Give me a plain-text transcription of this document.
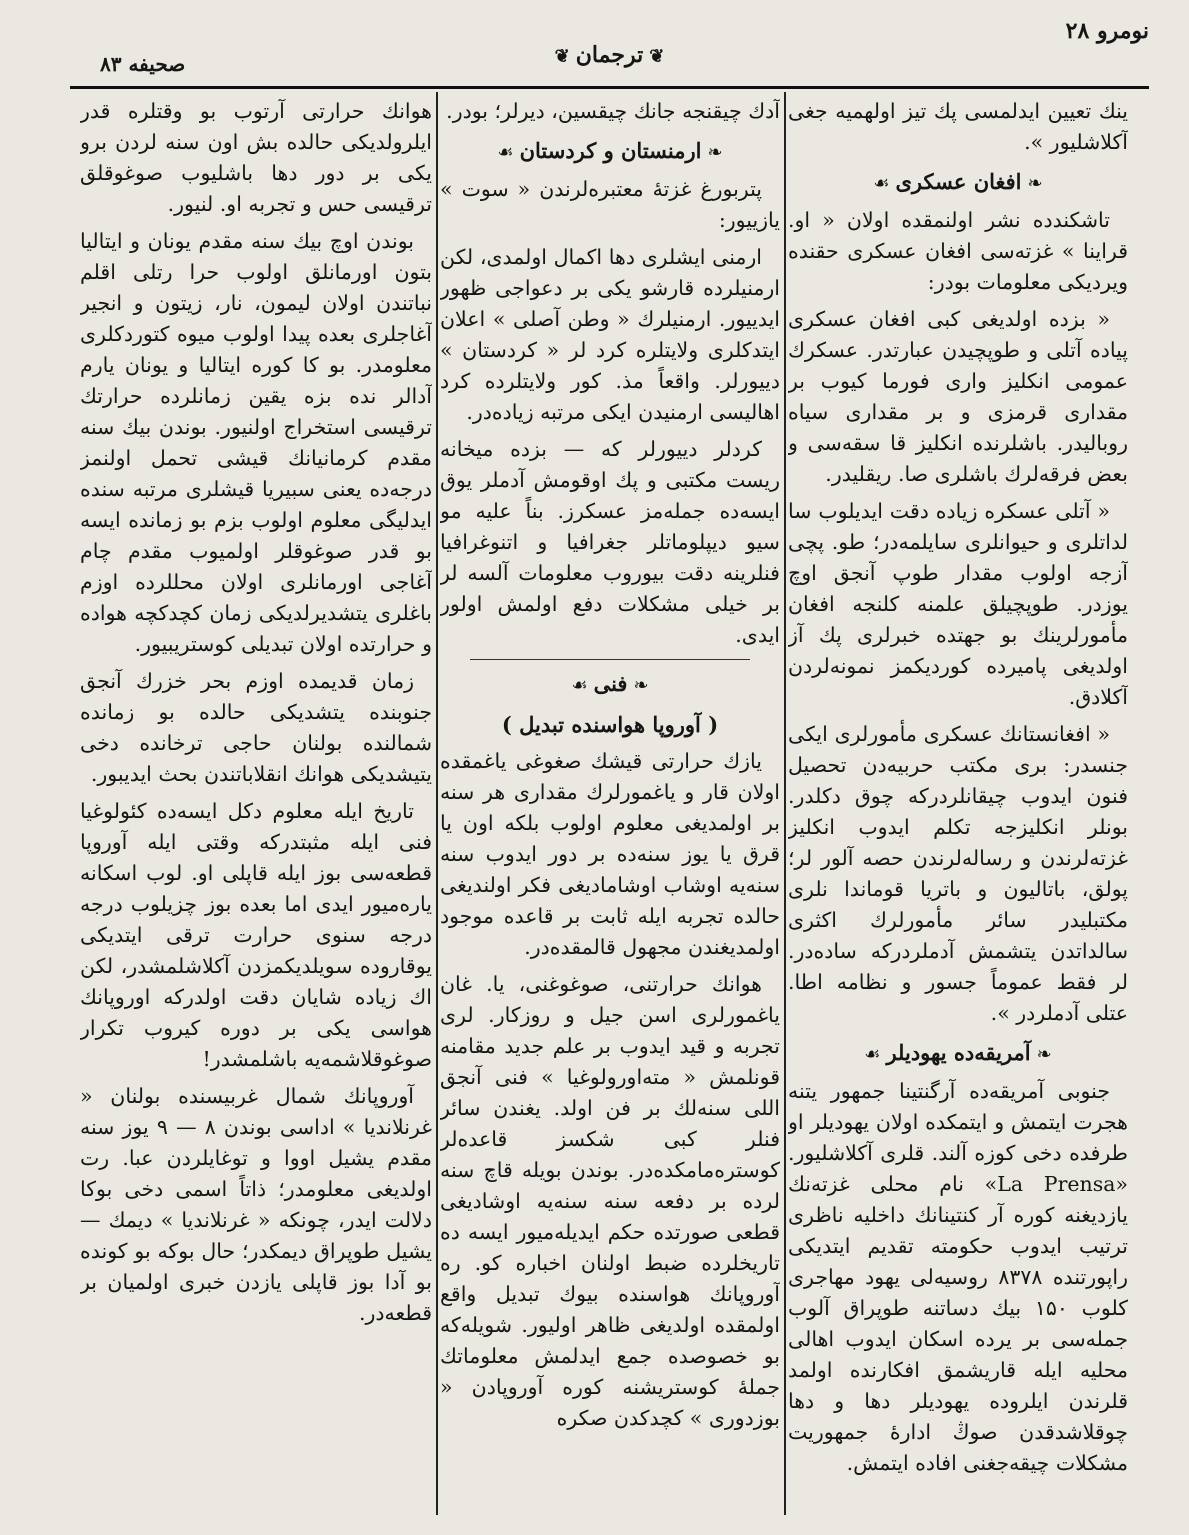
صحیفه ۸۳	❦ترجمان❦
نومرو ۲۸

ینك تعیین ایدلمسی پك تیز اولهمیه جغی آكلاشلیور ».

❧افغان عسكری☙

تاشكندده نشر اولنمقده اولان « او. قراینا » غزته‌سی افغان عسكری حقنده ویردیكی معلومات بودر:

« بزده اولدیغی كبی افغان عسكری پیاده آتلی و طوپچیدن عبارتدر. عسكرك عمومی انكلیز واری فورما كیوب بر مقداری قرمزی و بر مقداری سیاه روبالیدر. باشلرنده انكلیز قا سقه‌سی و بعض فرقه‌لرك باشلری صا. ریقلیدر.

« آتلی عسكره زیاده دقت ایدیلوب سا لداتلری و حیوانلری سایلمه‌در؛ طو. پچی آزجه اولوب مقدار طوپ آنجق اوچ یوزدر. طوپچیلق علمنه كلنجه افغان مأمورلرینك بو جهتده خبرلری پك آز اولدیغی پامیرده كوردیكمز نمونه‌لردن آكلادق.

« افغانستانك عسكری مأمورلری ایكی جنسدر: بری مكتب حربیه‌دن تحصیل فنون ایدوب چیقانلردركه چوق دكلدر. بونلر انكلیزجه تكلم ایدوب انكلیز غزته‌لرندن و رساله‌لرندن حصه آلور لر؛ پولق، باتالیون و باتریا قوماندا نلری مكتبلیدر سائر مأمورلرك اكثری سالداتدن یتشمش آدملردركه ساده‌در. لر فقط عموماً جسور و نظامه اطا. عتلی آدملردر ».

❧آمریقه‌ده یهودیلر☙

جنوبی آمریقه‌ده آرگنتینا جمهور یتنه هجرت ایتمش و ایتمكده اولان یهودیلر او طرفده دخی كوزه آلند. قلری آكلاشلیور. «La Prensa» نام محلی غزته‌نك یازدیغنه كوره آر كنتینانك داخلیه ناظری ترتیب ایدوب حكومته تقدیم ایتدیكی راپورتنده ۸۳۷۸ روسیه‌لی یهود مهاجری كلوب ۱۵۰ بیك دساتنه طوپراق آلوب جمله‌سی بر یرده اسكان ایدوب اهالی محلیه ایله قاریشمق افكارنده اولمد قلرندن ایلروده یهودیلر دها و دها چوقلاشدقدن صوڭ ادارهٔ جمهوریت مشكلات چیقه‌جغنی افاده ایتمش.

آدك چیقنجه جانك چیقسین، دیرلر؛ بودر.

❧ارمنستان و كردستان☙

پتربورغ غزتهٔ معتبره‌لرندن « سوت » یازییور:

ارمنی ایشلری دها اكمال اولمدی، لكن ارمنیلرده قارشو یكی بر دعواجی ظهور ایدییور. ارمنیلرك « وطن آصلی » اعلان ایتدكلری ولایتلره كرد لر « كردستان » دییورلر. واقعاً مذ. كور ولایتلرده كرد اهالیسی ارمنیدن ایكی مرتبه زیاده‌در.

كردلر دییورلر كه — بزده میخانه ریست مكتبی و پك اوقومش آدملر یوق ایسه‌ده جمله‌مز عسكرز. بناً علیه مو سیو دیپلوماتلر جغرافیا و اتنوغرافیا فنلرینه دقت بیوروب معلومات آلسه لر بر خیلی مشكلات دفع اولمش اولور ایدی.

❧فنی☙
( آوروپا هواسنده تبدیل )

یازك حرارتی قیشك صغوغی یاغمقده اولان قار و یاغمورلرك مقداری هر سنه بر اولمدیغی معلوم اولوب بلكه اون یا قرق یا یوز سنه‌ده بر دور ایدوب سنه سنه‌یه اوشاب اوشامادیغی فكر اولندیغی حالده تجربه ایله ثابت بر قاعده موجود اولمدیغندن مجهول قالمقده‌در.

هوانك حرارتنی، صوغوغنی، یا. غان یاغمورلری اسن جیل و روزكار. لری تجربه و قید ایدوب بر علم جدید مقامنه قونلمش « مته‌اورولوغیا » فنی آنجق اللی سنه‌لك بر فن اولد. یغندن سائر فنلر كبی شكسز قاعده‌لر كوستره‌مامكده‌در. بوندن بویله قاچ سنه لرده بر دفعه سنه سنه‌یه اوشادیغی قطعی صورتده حكم ایدیله‌میور ایسه ده تاریخلرده ضبط اولنان اخباره كو. ره آوروپانك هواسنده بیوك تبدیل واقع اولمقده اولدیغی ظاهر اولیور. شویله‌كه بو خصوصده جمع ایدلمش معلوماتك جملهٔ كوستریشنه كوره آوروپادن « بوزدوری » كچدكدن صكره

هوانك حرارتی آرتوب بو وقتلره قدر ایلرولدیكی حالده بش اون سنه لردن برو یكی بر دور دها باشلیوب صوغوقلق ترقیسی حس و تجربه او. لنیور.

بوندن اوچ بیك سنه مقدم یونان و ایتالیا بتون اورمانلق اولوب حرا رتلی اقلم نباتندن اولان لیمون، نار، زیتون و انجیر آغاجلری بعده پیدا اولوب میوه كتوردكلری معلومدر. بو كا كوره ایتالیا و یونان یارم آدالر نده بزه یقین زمانلرده حرارتك ترقیسی استخراج اولنیور. بوندن بیك سنه مقدم كرمانیانك قیشی تحمل اولنمز درجه‌ده یعنی سبیریا قیشلری مرتبه سنده ایدلیگی معلوم اولوب بزم بو زمانده ایسه بو قدر صوغوقلر اولمیوب مقدم چام آغاجی اورمانلری اولان محللرده اوزم باغلری یتشدیرلدیكی زمان كچدكچه هواده و حرارتده اولان تبدیلی كوستریبیور.

زمان قدیمده اوزم بحر خزرك آنجق جنوبنده یتشدیكی حالده بو زمانده شمالنده بولنان حاجی ترخانده دخی یتیشدیكی هوانك انقلاباتندن بحث ایدیبور.

تاریخ ایله معلوم دكل ایسه‌ده كئولوغیا فنی ایله مثبتدركه وقتی ایله آوروپا قطعه‌سی بوز ایله قاپلی او. لوب اسكانه یاره‌میور ایدی اما بعده بوز چزیلوب درجه درجه سنوی حرارت ترقی ایتدیكی یوقاروده سویلدیكمزدن آكلاشلمشدر، لكن اك زیاده شایان دقت اولدركه اوروپانك هواسی یكی بر دوره كیروب تكرار صوغوقلاشمه‌یه باشلمشدر!

آوروپانك شمال غربیسنده بولنان « غرنلاندیا » اداسی بوندن ۸ — ۹ یوز سنه مقدم یشیل اووا و توغایلردن عبا. رت اولدیغی معلومدر؛ ذاتاً اسمی دخی بوكا دلالت ایدر، چونكه « غرنلاندیا » دیمك — یشیل طوپراق دیمكدر؛ حال بوكه بو كونده بو آدا بوز قاپلی یازدن خبری اولمیان بر قطعه‌در.
